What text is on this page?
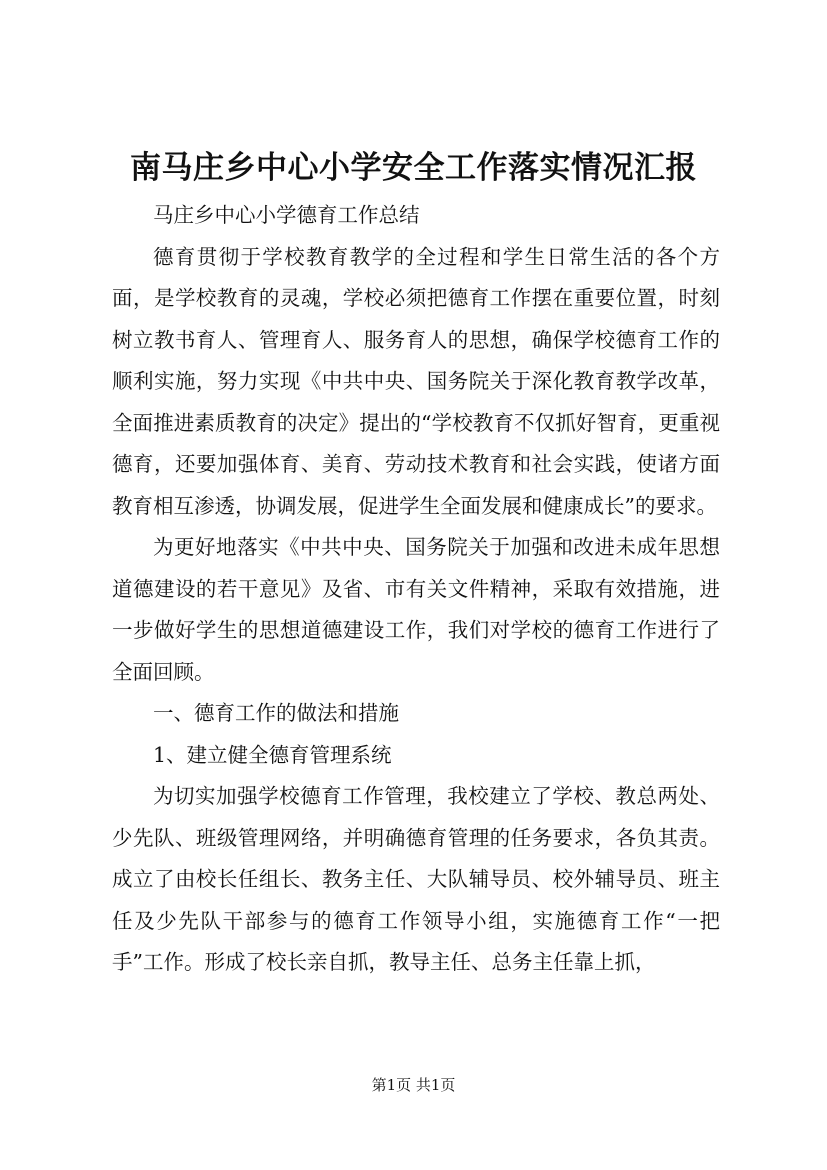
南马庄乡中心小学安全工作落实情况汇报

马庄乡中心小学德育工作总结

德育贯彻于学校教育教学的全过程和学生日常生活的各个方面，是学校教育的灵魂，学校必须把德育工作摆在重要位置，时刻树立教书育人、管理育人、服务育人的思想，确保学校德育工作的顺利实施，努力实现《中共中央、国务院关于深化教育教学改革，全面推进素质教育的决定》提出的“学校教育不仅抓好智育，更重视德育，还要加强体育、美育、劳动技术教育和社会实践，使诸方面教育相互渗透，协调发展，促进学生全面发展和健康成长”的要求。

为更好地落实《中共中央、国务院关于加强和改进未成年思想道德建设的若干意见》及省、市有关文件精神，采取有效措施，进一步做好学生的思想道德建设工作，我们对学校的德育工作进行了全面回顾。

一、德育工作的做法和措施

1、建立健全德育管理系统

为切实加强学校德育工作管理，我校建立了学校、教总两处、少先队、班级管理网络，并明确德育管理的任务要求，各负其责。成立了由校长任组长、教务主任、大队辅导员、校外辅导员、班主任及少先队干部参与的德育工作领导小组，实施德育工作“一把手”工作。形成了校长亲自抓，教导主任、总务主任靠上抓，

第1页 共1页
